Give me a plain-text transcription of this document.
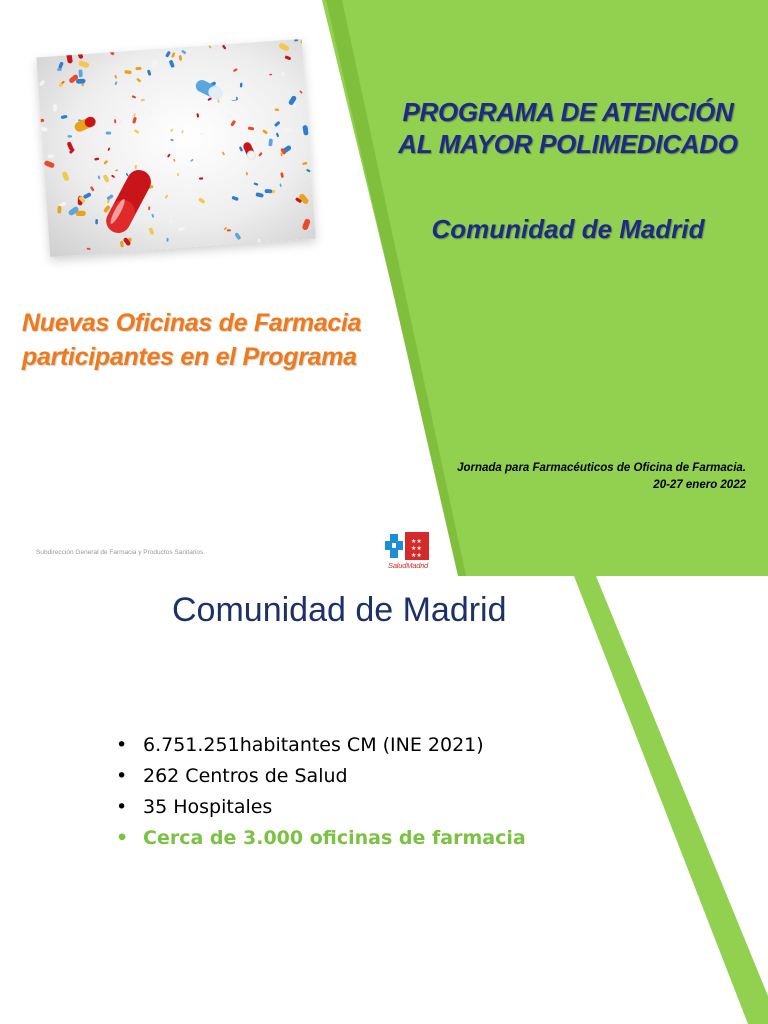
PROGRAMA DE ATENCIÓN
AL MAYOR POLIMEDICADO
Comunidad de Madrid
Nuevas Oficinas de Farmacia
participantes en el Programa
Jornada para Farmacéuticos de Oficina de Farmacia.
20-27 enero 2022
Subdirección General de Farmacia y Productos Sanitarios.
★★
★★
★★
SaludMadrid
Comunidad de Madrid
• 6.751.251habitantes CM (INE 2021)
• 262 Centros de Salud
• 35 Hospitales
• Cerca de 3.000 oficinas de farmacia
